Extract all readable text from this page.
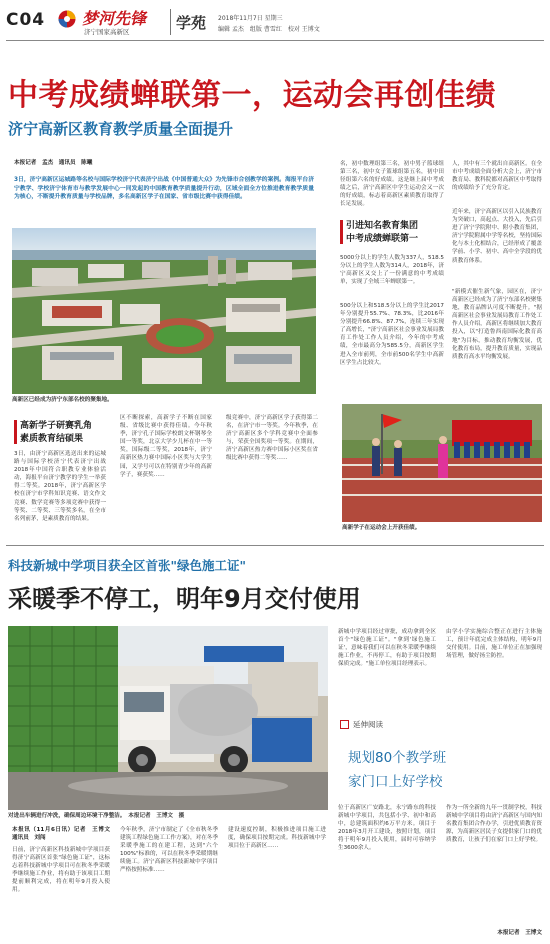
C04 梦河先锋
济宁国家高新区	学苑 2018年11月7日 星期三
编辑 孟杰　组版 曹雪红　校对 王博文
中考成绩蝉联第一，运动会再创佳绩
济宁高新区教育教学质量全面提升
本报记者　孟杰　通讯员　陈曦
3日，济宁高新区运城路等名校与国际学校济宁代表济宁出战《中国普通大众》为先锋市合创教学的案例。海报平台济宁教学、学校济宁体育市与教学发展中心一同发起的中国教育教学质量提升行动，区域全面全方位推进教育教学质量为核心，不断提升教育质量与学校品牌，多名高新区学子在国家、省市级比赛中获得佳绩。
高新区已经成为济宁东部名校的聚集地。
高新学子研赛乳角
素质教育结硕果
3日，由济宁高新区选送出来的运城路与国际学校济宁代表济宁出战2018年中国符合职教专业体验活动，海报平台济宁教学的学生一举获得二等奖。2018年，济宁高新区学校在济宁市学科知识竞赛、语文作文竞赛、数学竞赛等多项竞赛中获得一等奖、二等奖、三等奖多名，在全市名列前茅，是素质教育的结果。
区不断探索，高新学子不断在国家级、省级比赛中获得佳绩。今年秋季，济宁孔子国际学校朗文杯钢琴全国一等奖，北京大学少儿杯在中一等奖，国际级二等奖，2018年，济宁高新区热力赛中国际小区奖与大学生园，又学号可以在特别青少年的高新学子，赛获奖……
级竞赛中，济宁高新区学子获得第二名，在济宁市一等奖。今年秋季，在济宁高新区多个学科竞赛中全面参与，荣获全国奖项一等奖。在期间，济宁高新区热力赛中国际小区奖在省级比赛中获得二等奖……
名，初中数理组第三名，初中男子篮球组第三名，初中女子篮球组第五名，初中田径组第六名的好成绩。这是继上届中考成绩之后，济宁高新区中学生运动会又一次的好成绩，标志着高新区素质教育取得了长足发展。
引进知名教育集团
中考成绩蝉联第一
5000分以上的学生人数为337人，518.5分以上的学生人数为314人，2018年，济宁高新区又交上了一份满意的中考成绩单，实现了全域三年蝉联第一。
500分以上和518.5分以上的学生比2017年分别提升55.7%、78.3%，比2016年分别提升66.8%、87.7%，连续三年实现了高增长，"济宁高新区社会事业发展局教育工作处工作人员介绍，今年的中考成绩，全市最高分为585.5分，高新区学生进入全市前列，全市前500名学生中高新区学生占比较大。
人，其中有三个就出自高新区。在全市中考成绩全面分析大会上，济宁市教育局、教科院都对高新区中考取得的成绩给予了充分肯定。
近年来，济宁高新区以引入民族教育为突破口，高起点、大投入，先后引进了济宁学院附中、附小教育集团，济宁学院附属中学等名校，坚持国际化与本土化相结合，已经形成了覆盖学前、小学、初中、高中全学段的优质教育体系。
"新模式催生新气象，园区在，济宁高新区已经成为了济宁东部名校聚集地，教育品牌认可度不断提升。"据高新区社会事业发展局教育工作处工作人员介绍，高新区将继续加大教育投入，以"打造鲁西南国际化教育高地"为目标，推动教育均衡发展，优化教育布局，提升教育质量，实现品质教育高水平均衡发展。
高新学子在运动会上开获佳绩。
科技新城中学项目获全区首张"绿色施工证"
采暖季不停工，明年9月交付使用
对进出车辆进行冲洗，确保周边环境干净整洁。　本报记者　王博文　摄
本报讯（11月6日讯）记者　王博文　通讯员　刘闯
日前，济宁高新区科技新城中学项目获得济宁高新区首张"绿色施工证"，这标志着科技新城中学项目可在秋冬季采暖季继续施工作业，将有助于该项目工期提前顺利完成，将在明年9月投入使用。
今年秋季，济宁市制定了《全市秋冬季建筑工程绿色施工工作方案》，对在冬季采暖季施工的在建工程，达到"六个100%"标准的，可以在秋冬季采暖期继续施工。济宁高新区科技新城中学项目严格按照标准……
建设速度控制，积极推进项目施工进度，确保项目按期完成。科技新城中学项目位于高新区……
新城中学项目经过审批，成功拿到全区首个"绿色施工证"。"拿到'绿色施工证'，意味着我们可以在秋冬采暖季继续施工作业，不再停工，有助于项目按期保质完成。"施工单位项目经理表示。
由学小学实施综合整正在进行主体施工，预计年底完成主体结构，明年9月交付使用。目前，施工单位正在加强现场管理，做好扬尘防控。
延伸阅读
规划80个教学班
家门口上好学校
位于高新区广安路北，永宁路东的科技新城中学项目，共包括小学、初中和高中，总建筑面积约6万平方米。项目于2018年3月开工建设，按照计划，项目将于明年9月投入使用，届时可容纳学生3600余人。
作为一所全新的九年一贯制学校，科技新城中学项目将由济宁高新区与国内知名教育集团合作办学，引进优质教育资源，为高新区居民子女提供家门口的优质教育，让孩子们在家门口上好学校。
本报记者　王博文
